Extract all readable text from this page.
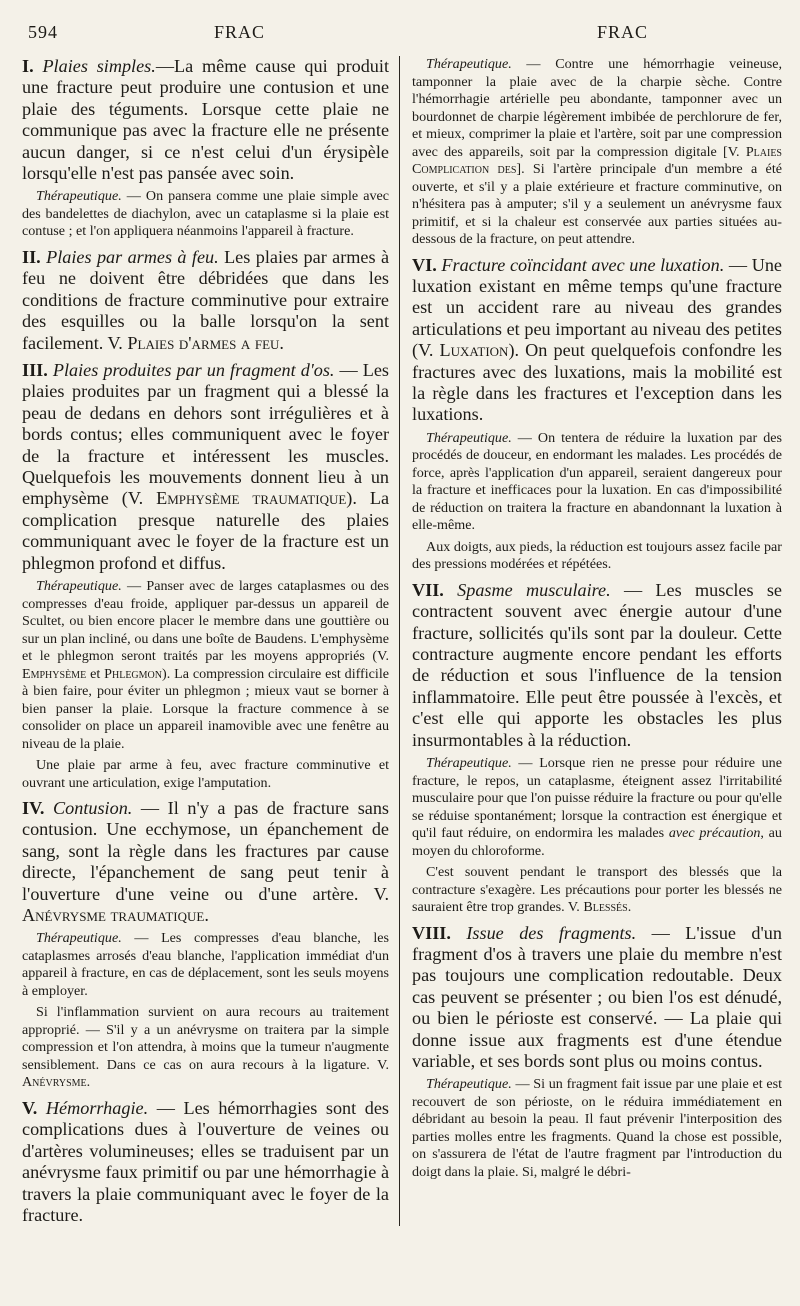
594	FRAC	FRAC

I. Plaies simples.—La même cause qui produit une fracture peut produire une contusion et une plaie des téguments. Lorsque cette plaie ne communique pas avec la fracture elle ne présente aucun danger, si ce n'est celui d'un érysipèle lorsqu'elle n'est pas pansée avec soin.

Thérapeutique. — On pansera comme une plaie simple avec des bandelettes de diachylon, avec un cataplasme si la plaie est contuse ; et l'on appliquera néanmoins l'appareil à fracture.

II. Plaies par armes à feu. Les plaies par armes à feu ne doivent être débridées que dans les conditions de fracture comminutive pour extraire des esquilles ou la balle lorsqu'on la sent facilement. V. Plaies d'armes a feu.

III. Plaies produites par un fragment d'os. — Les plaies produites par un fragment qui a blessé la peau de dedans en dehors sont irrégulières et à bords contus; elles communiquent avec le foyer de la fracture et intéressent les muscles. Quelquefois les mouvements donnent lieu à un emphysème (V. Emphysème traumatique). La complication presque naturelle des plaies communiquant avec le foyer de la fracture est un phlegmon profond et diffus.

Thérapeutique. — Panser avec de larges cataplasmes ou des compresses d'eau froide, appliquer par-dessus un appareil de Scultet, ou bien encore placer le membre dans une gouttière ou sur un plan incliné, ou dans une boîte de Baudens. L'emphysème et le phlegmon seront traités par les moyens appropriés (V. Emphysème et Phlegmon). La compression circulaire est difficile à bien faire, pour éviter un phlegmon ; mieux vaut se borner à bien panser la plaie. Lorsque la fracture commence à se consolider on place un appareil inamovible avec une fenêtre au niveau de la plaie.

Une plaie par arme à feu, avec fracture comminutive et ouvrant une articulation, exige l'amputation.

IV. Contusion. — Il n'y a pas de fracture sans contusion. Une ecchymose, un épanchement de sang, sont la règle dans les fractures par cause directe, l'épanchement de sang peut tenir à l'ouverture d'une veine ou d'une artère. V. Anévrysme traumatique.

Thérapeutique. — Les compresses d'eau blanche, les cataplasmes arrosés d'eau blanche, l'application immédiat d'un appareil à fracture, en cas de déplacement, sont les seuls moyens à employer.

Si l'inflammation survient on aura recours au traitement approprié. — S'il y a un anévrysme on traitera par la simple compression et l'on attendra, à moins que la tumeur n'augmente sensiblement. Dans ce cas on aura recours à la ligature. V. Anévrysme.

V. Hémorrhagie. — Les hémorrhagies sont des complications dues à l'ouverture de veines ou d'artères volumineuses; elles se traduisent par un anévrysme faux primitif ou par une hémorrhagie à travers la plaie communiquant avec le foyer de la fracture.

Thérapeutique. — Contre une hémorrhagie veineuse, tamponner la plaie avec de la charpie sèche. Contre l'hémorrhagie artérielle peu abondante, tamponner avec un bourdonnet de charpie légèrement imbibée de perchlorure de fer, et mieux, comprimer la plaie et l'artère, soit par une compression avec des appareils, soit par la compression digitale [V. Plaies Complication des]. Si l'artère principale d'un membre a été ouverte, et s'il y a plaie extérieure et fracture comminutive, on n'hésitera pas à amputer; s'il y a seulement un anévrysme faux primitif, et si la chaleur est conservée aux parties situées au-dessous de la fracture, on peut attendre.

VI. Fracture coïncidant avec une luxation. — Une luxation existant en même temps qu'une fracture est un accident rare au niveau des grandes articulations et peu important au niveau des petites (V. Luxation). On peut quelquefois confondre les fractures avec des luxations, mais la mobilité est la règle dans les fractures et l'exception dans les luxations.

Thérapeutique. — On tentera de réduire la luxation par des procédés de douceur, en endormant les malades. Les procédés de force, après l'application d'un appareil, seraient dangereux pour la fracture et inefficaces pour la luxation. En cas d'impossibilité de réduction on traitera la fracture en abandonnant la luxation à elle-même.

Aux doigts, aux pieds, la réduction est toujours assez facile par des pressions modérées et répétées.

VII. Spasme musculaire. — Les muscles se contractent souvent avec énergie autour d'une fracture, sollicités qu'ils sont par la douleur. Cette contracture augmente encore pendant les efforts de réduction et sous l'influence de la tension inflammatoire. Elle peut être poussée à l'excès, et c'est elle qui apporte les obstacles les plus insurmontables à la réduction.

Thérapeutique. — Lorsque rien ne presse pour réduire une fracture, le repos, un cataplasme, éteignent assez l'irritabilité musculaire pour que l'on puisse réduire la fracture ou pour qu'elle se réduise spontanément; lorsque la contraction est énergique et qu'il faut réduire, on endormira les malades avec précaution, au moyen du chloroforme.

C'est souvent pendant le transport des blessés que la contracture s'exagère. Les précautions pour porter les blessés ne sauraient être trop grandes. V. Blessés.

VIII. Issue des fragments. — L'issue d'un fragment d'os à travers une plaie du membre n'est pas toujours une complication redoutable. Deux cas peuvent se présenter ; ou bien l'os est dénudé, ou bien le périoste est conservé. — La plaie qui donne issue aux fragments est d'une étendue variable, et ses bords sont plus ou moins contus.

Thérapeutique. — Si un fragment fait issue par une plaie et est recouvert de son périoste, on le réduira immédiatement en débridant au besoin la peau. Il faut prévenir l'interposition des parties molles entre les fragments. Quand la chose est possible, on s'assurera de l'état de l'autre fragment par l'introduction du doigt dans la plaie. Si, malgré le débri-
